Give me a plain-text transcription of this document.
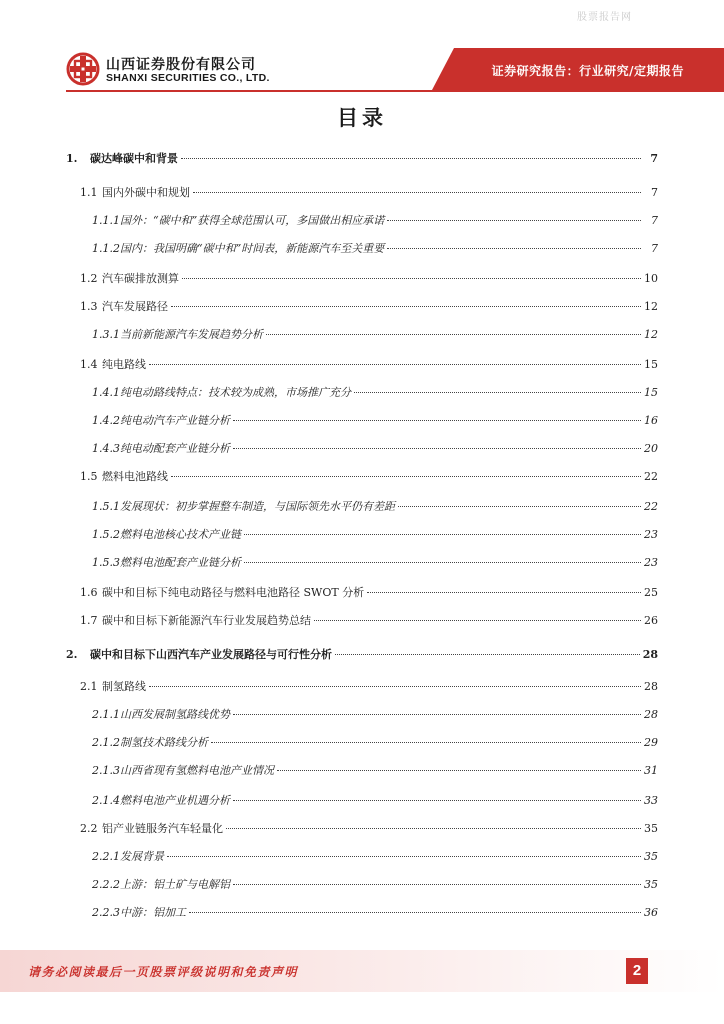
股票报告网
山西证券股份有限公司
SHANXI SECURITIES CO., LTD.	证券研究报告：行业研究/定期报告
目录
1.	碳达峰碳中和背景	7
1.1 国内外碳中和规划	7
1.1.1 国外：“碳中和”获得全球范围认可，多国做出相应承诺	7
1.1.2 国内：我国明确“碳中和”时间表，新能源汽车至关重要	7
1.2 汽车碳排放测算	10
1.3 汽车发展路径	12
1.3.1 当前新能源汽车发展趋势分析	12
1.4 纯电路线	15
1.4.1 纯电动路线特点：技术较为成熟，市场推广充分	15
1.4.2 纯电动汽车产业链分析	16
1.4.3 纯电动配套产业链分析	20
1.5 燃料电池路线	22
1.5.1 发展现状：初步掌握整车制造，与国际领先水平仍有差距	22
1.5.2 燃料电池核心技术产业链	23
1.5.3 燃料电池配套产业链分析	23
1.6 碳中和目标下纯电动路径与燃料电池路径 SWOT 分析	25
1.7 碳中和目标下新能源汽车行业发展趋势总结	26
2.	碳中和目标下山西汽车产业发展路径与可行性分析	28
2.1 制氢路线	28
2.1.1 山西发展制氢路线优势	28
2.1.2 制氢技术路线分析	29
2.1.3 山西省现有氢燃料电池产业情况	31
2.1.4 燃料电池产业机遇分析	33
2.2 铝产业链服务汽车轻量化	35
2.2.1 发展背景	35
2.2.2 上游：铝土矿与电解铝	35
2.2.3 中游：铝加工	36
请务必阅读最后一页股票评级说明和免责声明	2
